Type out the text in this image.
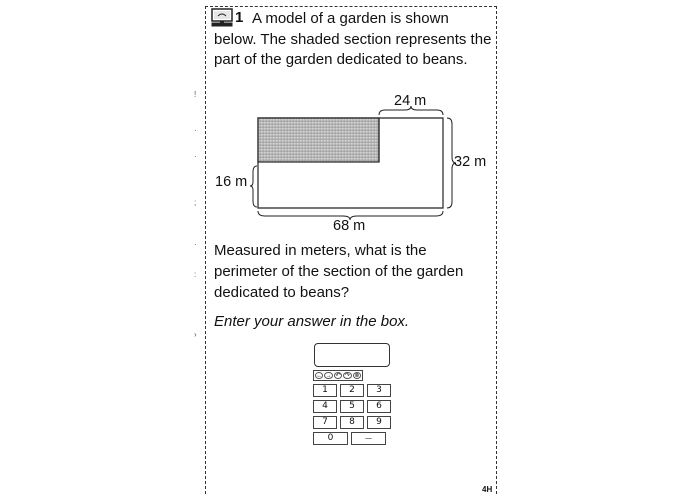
1 A model of a garden is shown below. The shaded section represents the part of the garden dedicated to beans.
24 m
32 m
16 m
68 m
Measured in meters, what is the perimeter of the section of the garden dedicated to beans?
Enter your answer in the box.
← → ↶ ↷ ⊗
1	2	3
4	5	6
7	8	9
0	—
!
·
·
;
·
:
›
4H
